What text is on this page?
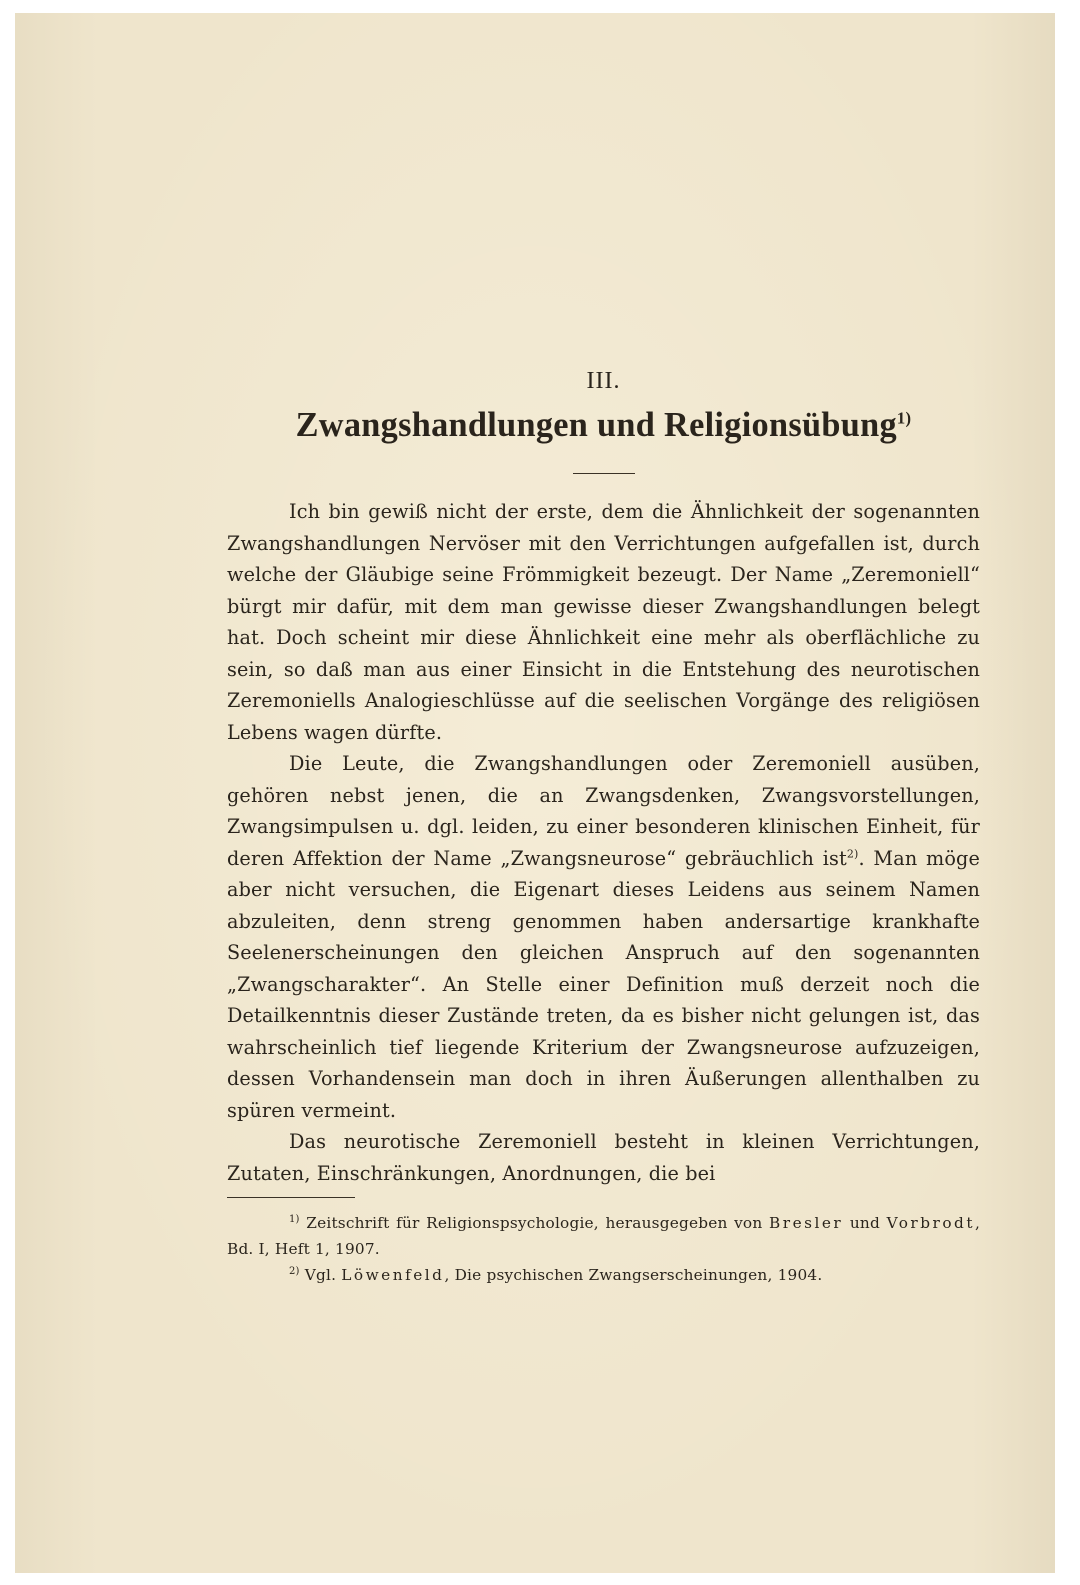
III.
Zwangshandlungen und Religionsübung$^{1)}$

Ich bin gewiß nicht der erste, dem die Ähnlichkeit der sogenannten Zwangshandlungen Nervöser mit den Verrichtungen aufgefallen ist, durch welche der Gläubige seine Frömmigkeit bezeugt. Der Name „Zeremoniell“ bürgt mir dafür, mit dem man gewisse dieser Zwangshandlungen belegt hat. Doch scheint mir diese Ähnlichkeit eine mehr als oberflächliche zu sein, so daß man aus einer Einsicht in die Entstehung des neurotischen Zeremoniells Analogieschlüsse auf die seelischen Vorgänge des religiösen Lebens wagen dürfte.

Die Leute, die Zwangshandlungen oder Zeremoniell ausüben, gehören nebst jenen, die an Zwangsdenken, Zwangsvorstellungen, Zwangsimpulsen u. dgl. leiden, zu einer besonderen klinischen Einheit, für deren Affektion der Name „Zwangsneurose“ gebräuchlich ist$^{2)}$. Man möge aber nicht versuchen, die Eigenart dieses Leidens aus seinem Namen abzuleiten, denn streng genommen haben andersartige krankhafte Seelenerscheinungen den gleichen Anspruch auf den sogenannten „Zwangscharakter“. An Stelle einer Definition muß derzeit noch die Detailkenntnis dieser Zustände treten, da es bisher nicht gelungen ist, das wahrscheinlich tief liegende Kriterium der Zwangsneurose aufzuzeigen, dessen Vorhandensein man doch in ihren Äußerungen allenthalben zu spüren vermeint.

Das neurotische Zeremoniell besteht in kleinen Verrichtungen, Zutaten, Einschränkungen, Anordnungen, die bei

$^{1)}$ Zeitschrift für Religionspsychologie, herausgegeben von Bresler und Vorbrodt, Bd. I, Heft 1, 1907.

$^{2)}$ Vgl. Löwenfeld, Die psychischen Zwangserscheinungen, 1904.
